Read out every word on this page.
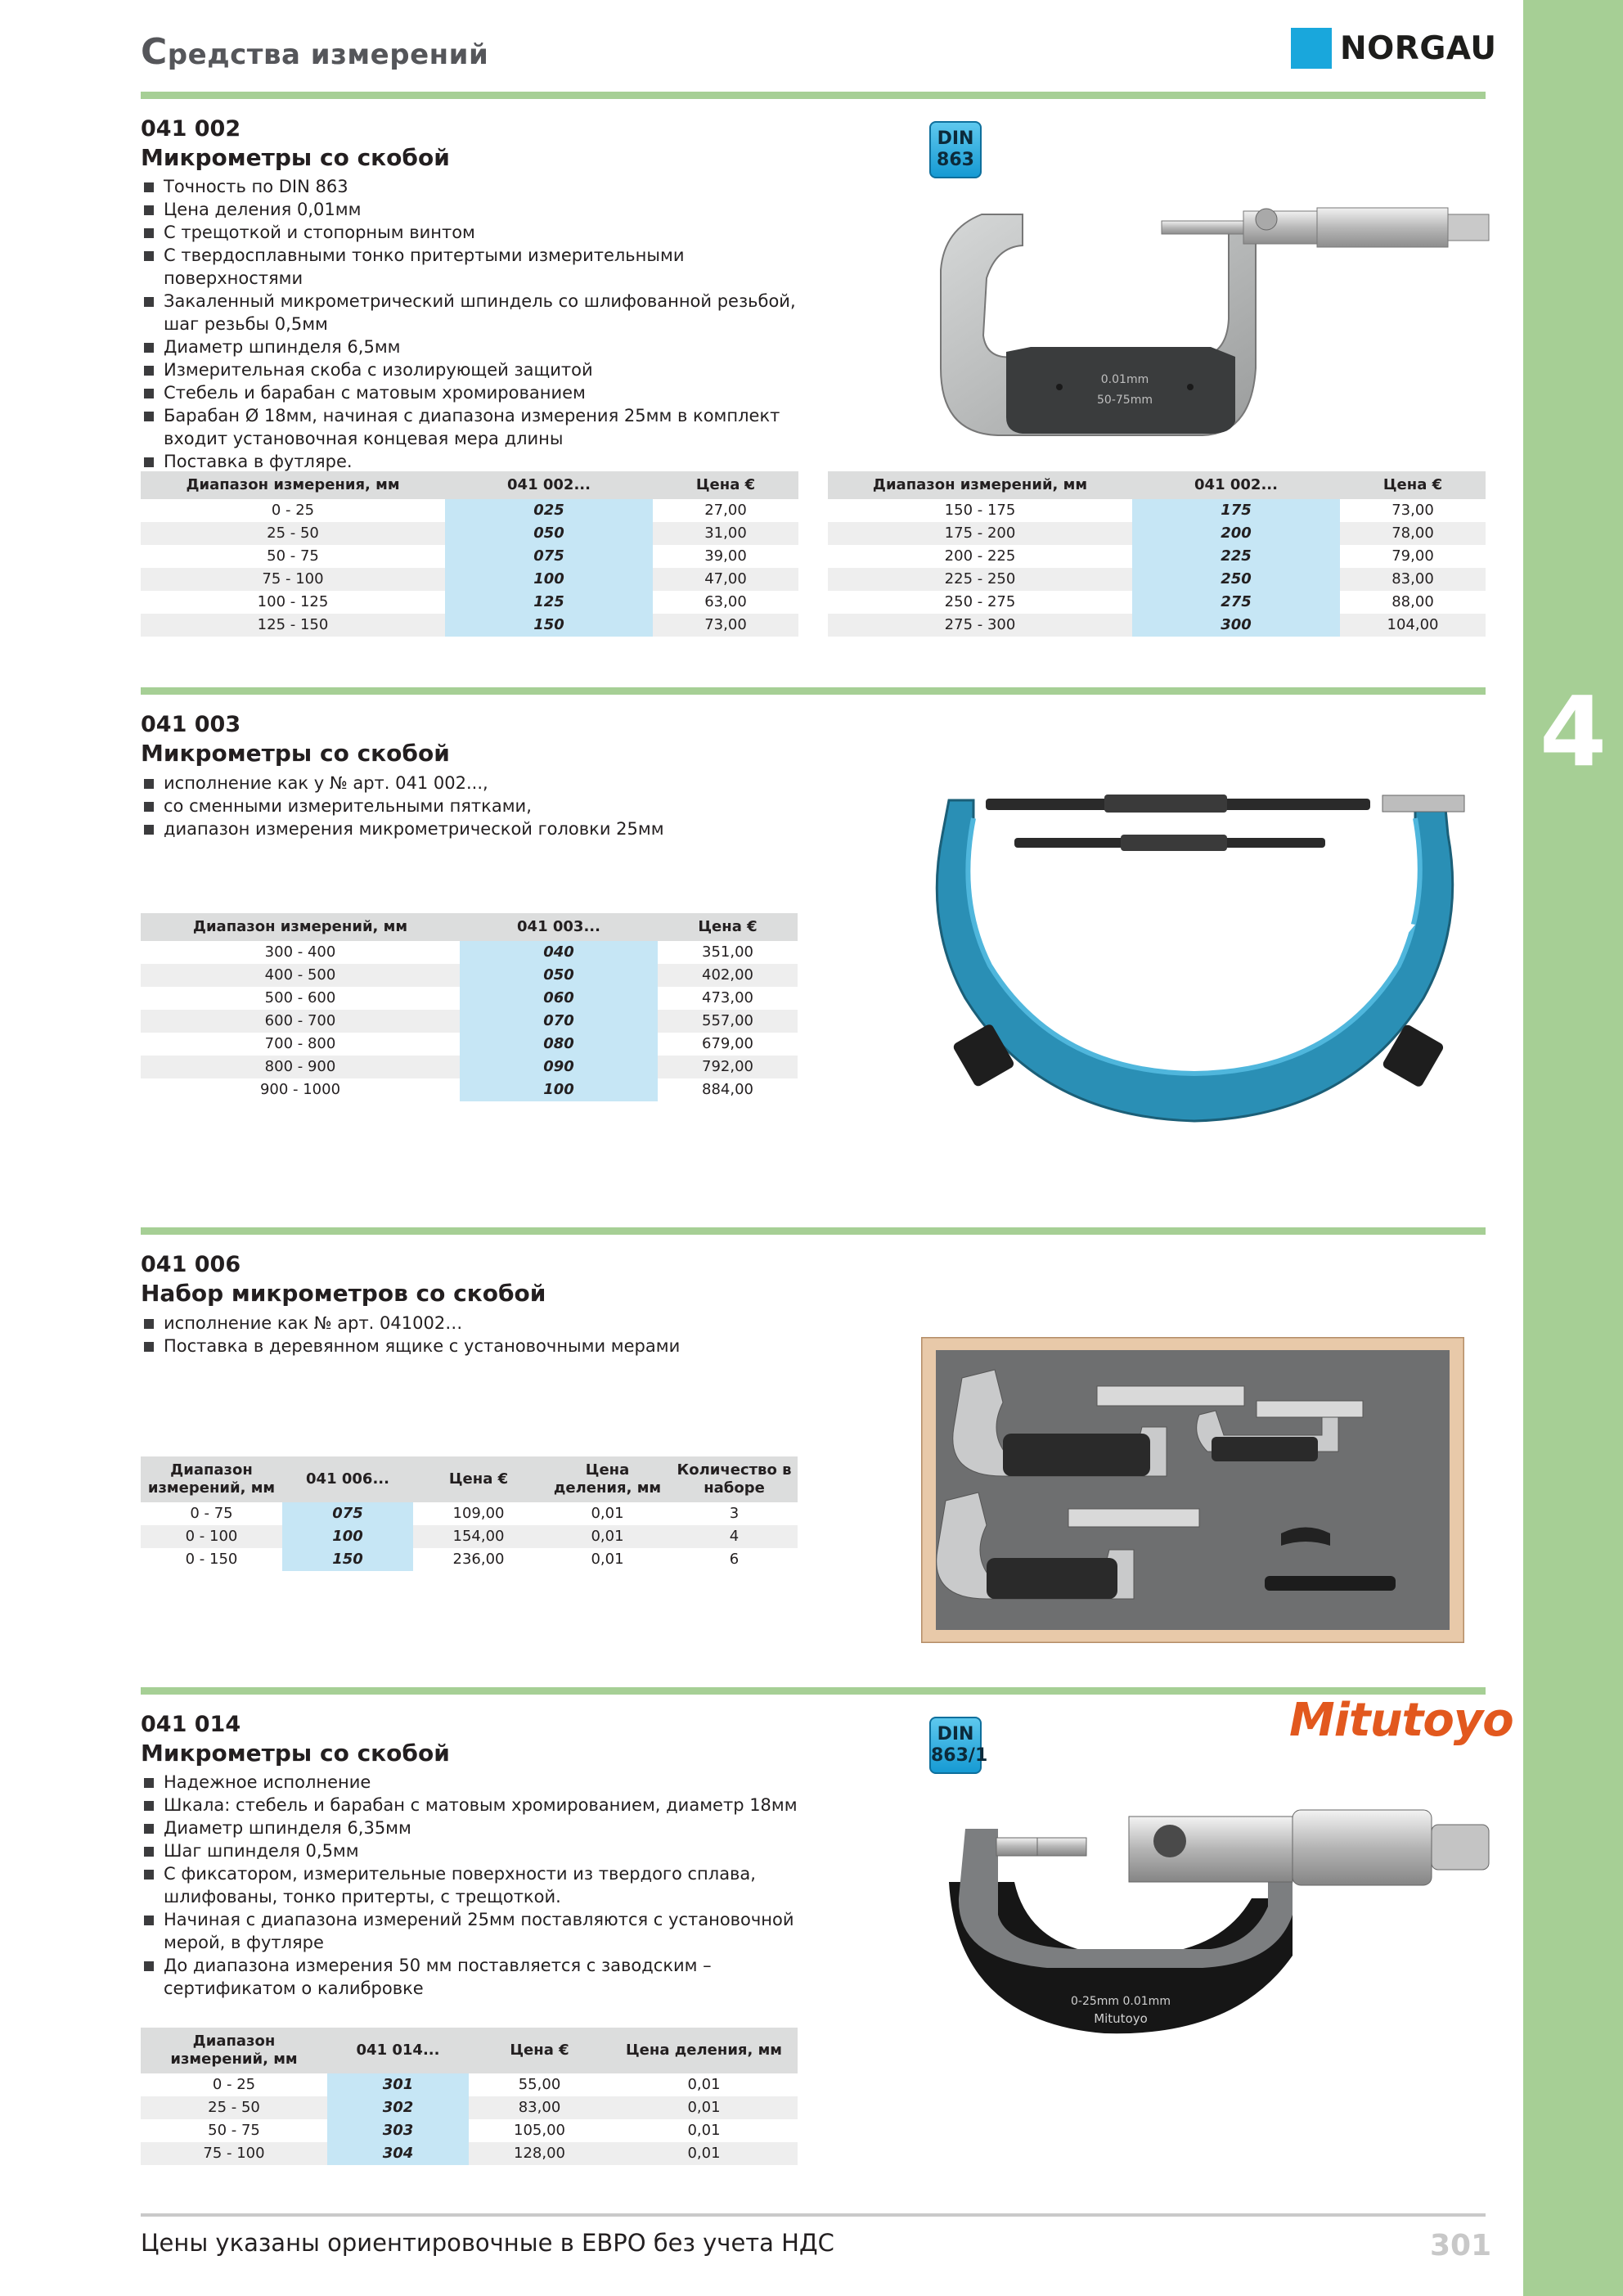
4
Средства измерений	NORGAU
041 002
Микрометры со скобой
Точность по DIN 863
Цена деления 0,01мм
С трещоткой и стопорным винтом
С твердосплавными тонко притертыми измерительными поверхностями
Закаленный микрометрический шпиндель со шлифованной резьбой, шаг резьбы 0,5мм
Диаметр шпинделя 6,5мм
Измерительная скоба с изолирующей защитой
Стебель и барабан с матовым хромированием
Барабан Ø 18мм, начиная с диапазона измерения 25мм в комплект входит установочная концевая мера длины
Поставка в футляре.
DIN
863
0.01mm
50-75mm
Диапазон измерения, мм	041 002...	Цена €
0 - 25	025	27,00
25 - 50	050	31,00
50 - 75	075	39,00
75 - 100	100	47,00
100 - 125	125	63,00
125 - 150	150	73,00
Диапазон измерений, мм	041 002...	Цена €
150 - 175	175	73,00
175 - 200	200	78,00
200 - 225	225	79,00
225 - 250	250	83,00
250 - 275	275	88,00
275 - 300	300	104,00
041 003
Микрометры со скобой
исполнение как у № арт. 041 002...,
со сменными измерительными пятками,
диапазон измерения микрометрической головки 25мм
Диапазон измерений, мм	041 003...	Цена €
300 - 400	040	351,00
400 - 500	050	402,00
500 - 600	060	473,00
600 - 700	070	557,00
700 - 800	080	679,00
800 - 900	090	792,00
900 - 1000	100	884,00
041 006
Набор микрометров со скобой
исполнение как № арт. 041002…
Поставка в деревянном ящике с установочными мерами
Диапазон измерений, мм	041 006...	Цена €	Цена деления, мм	Количество в наборе
0 - 75	075	109,00	0,01	3
0 - 100	100	154,00	0,01	4
0 - 150	150	236,00	0,01	6
041 014
Микрометры со скобой
Надежное исполнение
Шкала: стебель и барабан с матовым хромированием, диаметр 18мм
Диаметр шпинделя 6,35мм
Шаг шпинделя 0,5мм
С фиксатором, измерительные поверхности из твердого сплава, шлифованы, тонко притерты, с трещоткой.
Начиная с диапазона измерений 25мм поставляются с установочной мерой, в футляре
До диапазона измерения 50 мм поставляется с заводским – сертификатом о калибровке
DIN
863/1
Mitutoyo
0-25mm 0.01mm
Mitutoyo
Диапазон измерений, мм	041 014...	Цена €	Цена деления, мм
0 - 25	301	55,00	0,01
25 - 50	302	83,00	0,01
50 - 75	303	105,00	0,01
75 - 100	304	128,00	0,01
Цены указаны ориентировочные в ЕВРО без учета НДС	301
